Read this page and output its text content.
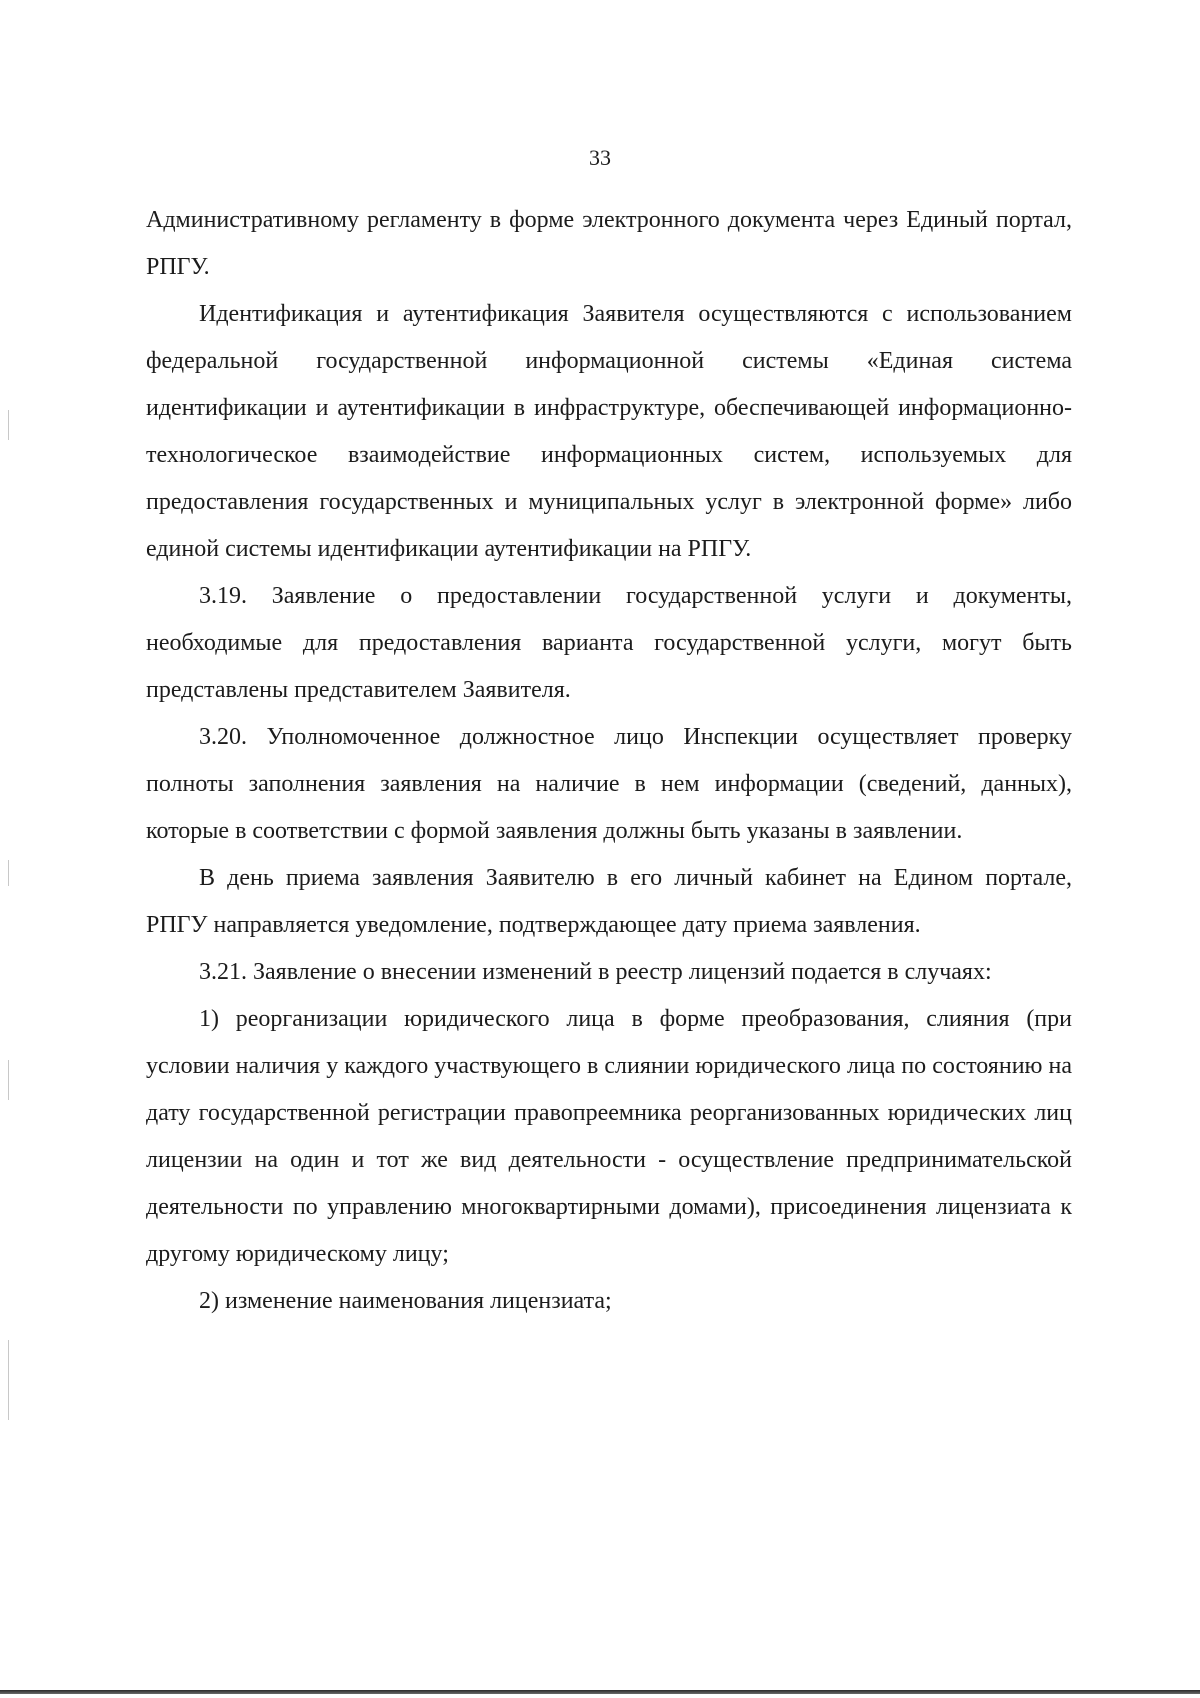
33

Административному регламенту в форме электронного документа через Единый портал, РПГУ.

Идентификация и аутентификация Заявителя осуществляются с использованием федеральной государственной информационной системы «Единая система идентификации и аутентификации в инфраструктуре, обеспечивающей информационно-технологическое взаимодействие информационных систем, используемых для предоставления государственных и муниципальных услуг в электронной форме» либо единой системы идентификации аутентификации на РПГУ.

3.19. Заявление о предоставлении государственной услуги и документы, необходимые для предоставления варианта государственной услуги, могут быть представлены представителем Заявителя.

3.20. Уполномоченное должностное лицо Инспекции осуществляет проверку полноты заполнения заявления на наличие в нем информации (сведений, данных), которые в соответствии с формой заявления должны быть указаны в заявлении.

В день приема заявления Заявителю в его личный кабинет на Едином портале, РПГУ направляется уведомление, подтверждающее дату приема заявления.

3.21. Заявление о внесении изменений в реестр лицензий подается в случаях:

1) реорганизации юридического лица в форме преобразования, слияния (при условии наличия у каждого участвующего в слиянии юридического лица по состоянию на дату государственной регистрации правопреемника реорганизованных юридических лиц лицензии на один и тот же вид деятельности - осуществление предпринимательской деятельности по управлению многоквартирными домами), присоединения лицензиата к другому юридическому лицу;

2) изменение наименования лицензиата;
